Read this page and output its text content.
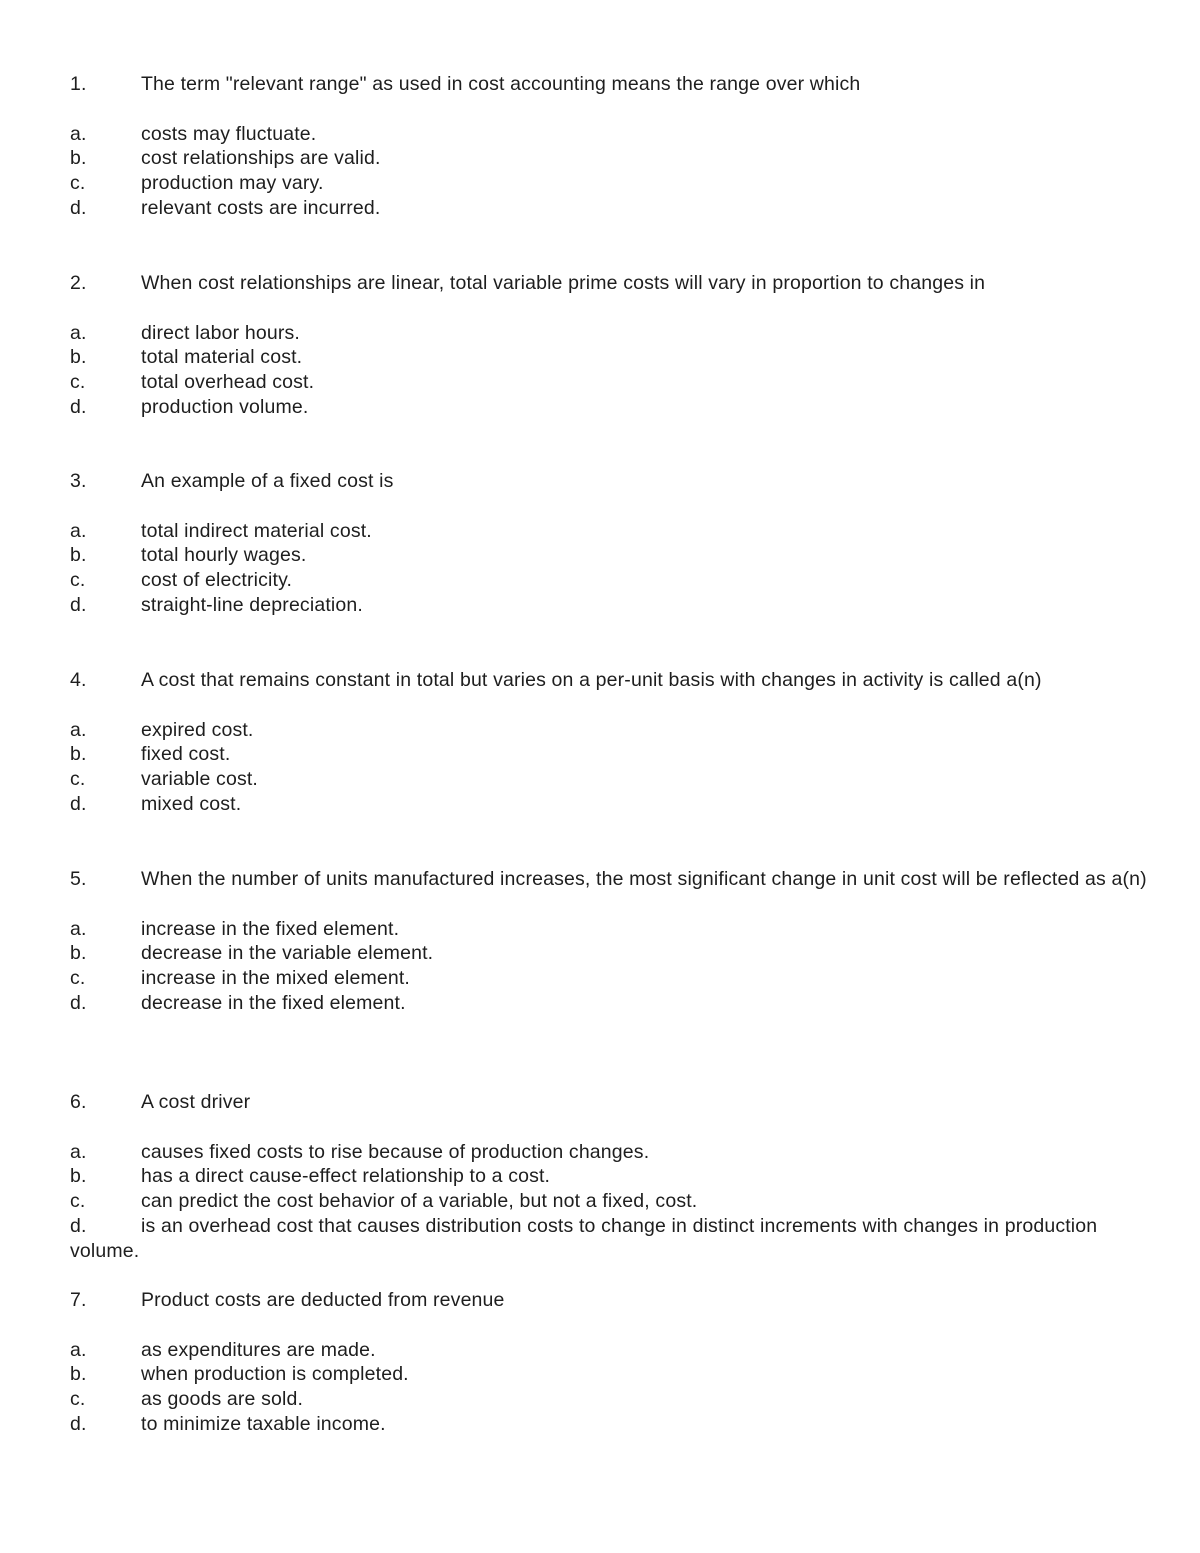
1.	The term "relevant range" as used in cost accounting means the range over which

a.	costs may fluctuate.
b.	cost relationships are valid.
c.	production may vary.
d.	relevant costs are incurred.

2.	When cost relationships are linear, total variable prime costs will vary in proportion to changes in

a.	direct labor hours.
b.	total material cost.
c.	total overhead cost.
d.	production volume.

3.	An example of a fixed cost is

a.	total indirect material cost.
b.	total hourly wages.
c.	cost of electricity.
d.	straight-line depreciation.

4.	A cost that remains constant in total but varies on a per-unit basis with changes in activity is called a(n)

a.	expired cost.
b.	fixed cost.
c.	variable cost.
d.	mixed cost.

5.	When the number of units manufactured increases, the most significant change in unit cost will be reflected as a(n)

a.	increase in the fixed element.
b.	decrease in the variable element.
c.	increase in the mixed element.
d.	decrease in the fixed element.

6.	A cost driver

a.	causes fixed costs to rise because of production changes.
b.	has a direct cause-effect relationship to a cost.
c.	can predict the cost behavior of a variable, but not a fixed, cost.
d.	is an overhead cost that causes distribution costs to change in distinct increments with changes in production volume.

7.	Product costs are deducted from revenue

a.	as expenditures are made.
b.	when production is completed.
c.	as goods are sold.
d.	to minimize taxable income.
